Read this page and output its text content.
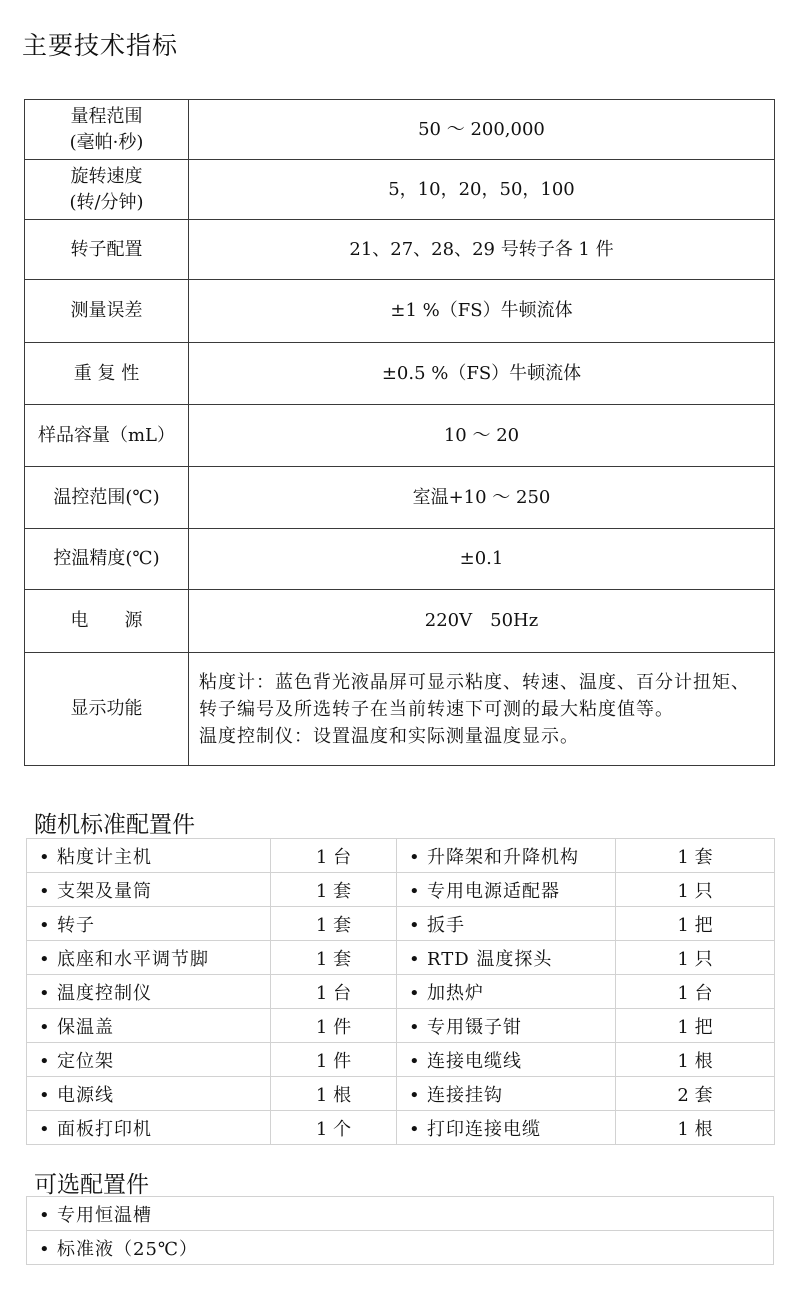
主要技术指标
量程范围
(毫帕·秒)	50 ～ 200,000

旋转速度
(转/分钟)	5，10，20，50，100
转子配置	21、27、28、29 号转子各 1 件
测量误差	±1 %（FS）牛顿流体
重 复 性	±0.5 %（FS）牛顿流体
样品容量（mL）	10 ～ 20
温控范围(℃)	室温+10 ～ 250
控温精度(℃)	±0.1
电　　源	220V　50Hz
显示功能	粘度计：蓝色背光液晶屏可显示粘度、转速、温度、百分计扭矩、转子编号及所选转子在当前转速下可测的最大粘度值等。
温度控制仪：设置温度和实际测量温度显示。
随机标准配置件
• 粘度计主机	1 台	• 升降架和升降机构	1 套
• 支架及量筒	1 套	• 专用电源适配器	1 只
• 转子	1 套	• 扳手	1 把
• 底座和水平调节脚	1 套	• RTD 温度探头	1 只
• 温度控制仪	1 台	• 加热炉	1 台
• 保温盖	1 件	• 专用镊子钳	1 把
• 定位架	1 件	• 连接电缆线	1 根
• 电源线	1 根	• 连接挂钩	2 套
• 面板打印机	1 个	• 打印连接电缆	1 根
可选配置件
• 专用恒温槽
• 标准液（25℃）
